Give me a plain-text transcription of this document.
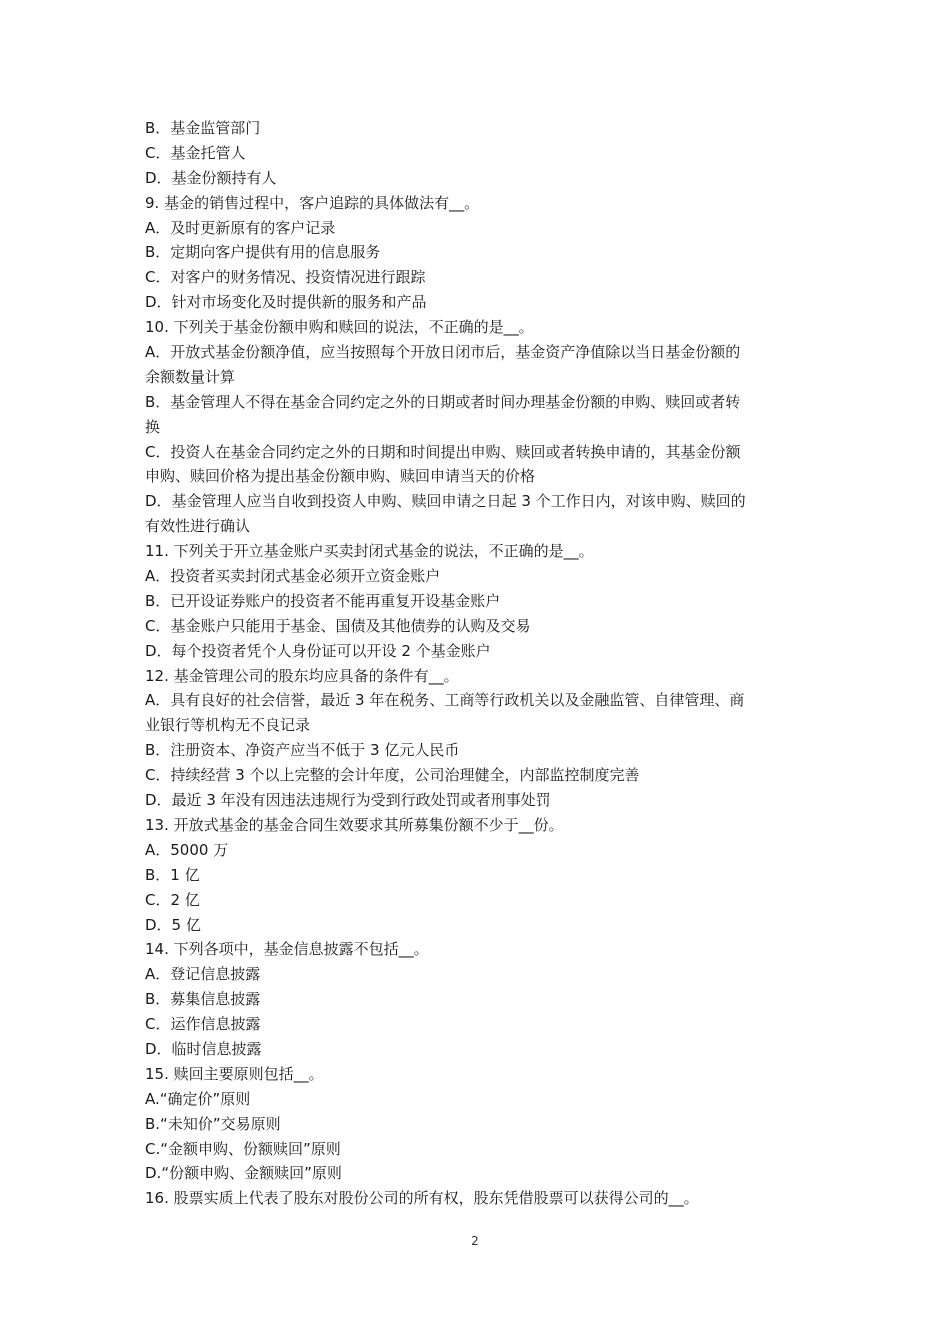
B．基金监管部门
C．基金托管人
D．基金份额持有人
9. 基金的销售过程中，客户追踪的具体做法有__。
A．及时更新原有的客户记录
B．定期向客户提供有用的信息服务
C．对客户的财务情况、投资情况进行跟踪
D．针对市场变化及时提供新的服务和产品
10. 下列关于基金份额申购和赎回的说法，不正确的是__。
A．开放式基金份额净值，应当按照每个开放日闭市后，基金资产净值除以当日基金份额的
余额数量计算
B．基金管理人不得在基金合同约定之外的日期或者时间办理基金份额的申购、赎回或者转
换
C．投资人在基金合同约定之外的日期和时间提出申购、赎回或者转换申请的，其基金份额
申购、赎回价格为提出基金份额申购、赎回申请当天的价格
D．基金管理人应当自收到投资人申购、赎回申请之日起 3 个工作日内，对该申购、赎回的
有效性进行确认
11. 下列关于开立基金账户买卖封闭式基金的说法，不正确的是__。
A．投资者买卖封闭式基金必须开立资金账户
B．已开设证券账户的投资者不能再重复开设基金账户
C．基金账户只能用于基金、国债及其他债券的认购及交易
D．每个投资者凭个人身份证可以开设 2 个基金账户
12. 基金管理公司的股东均应具备的条件有__。
A．具有良好的社会信誉，最近 3 年在税务、工商等行政机关以及金融监管、自律管理、商
业银行等机构无不良记录
B．注册资本、净资产应当不低于 3 亿元人民币
C．持续经营 3 个以上完整的会计年度，公司治理健全，内部监控制度完善
D．最近 3 年没有因违法违规行为受到行政处罚或者刑事处罚
13. 开放式基金的基金合同生效要求其所募集份额不少于__份。
A．5000 万
B．1 亿
C．2 亿
D．5 亿
14. 下列各项中，基金信息披露不包括__。
A．登记信息披露
B．募集信息披露
C．运作信息披露
D．临时信息披露
15. 赎回主要原则包括__。
A.“确定价”原则
B.“未知价”交易原则
C.“金额申购、份额赎回”原则
D.“份额申购、金额赎回”原则
16. 股票实质上代表了股东对股份公司的所有权，股东凭借股票可以获得公司的__。
2
